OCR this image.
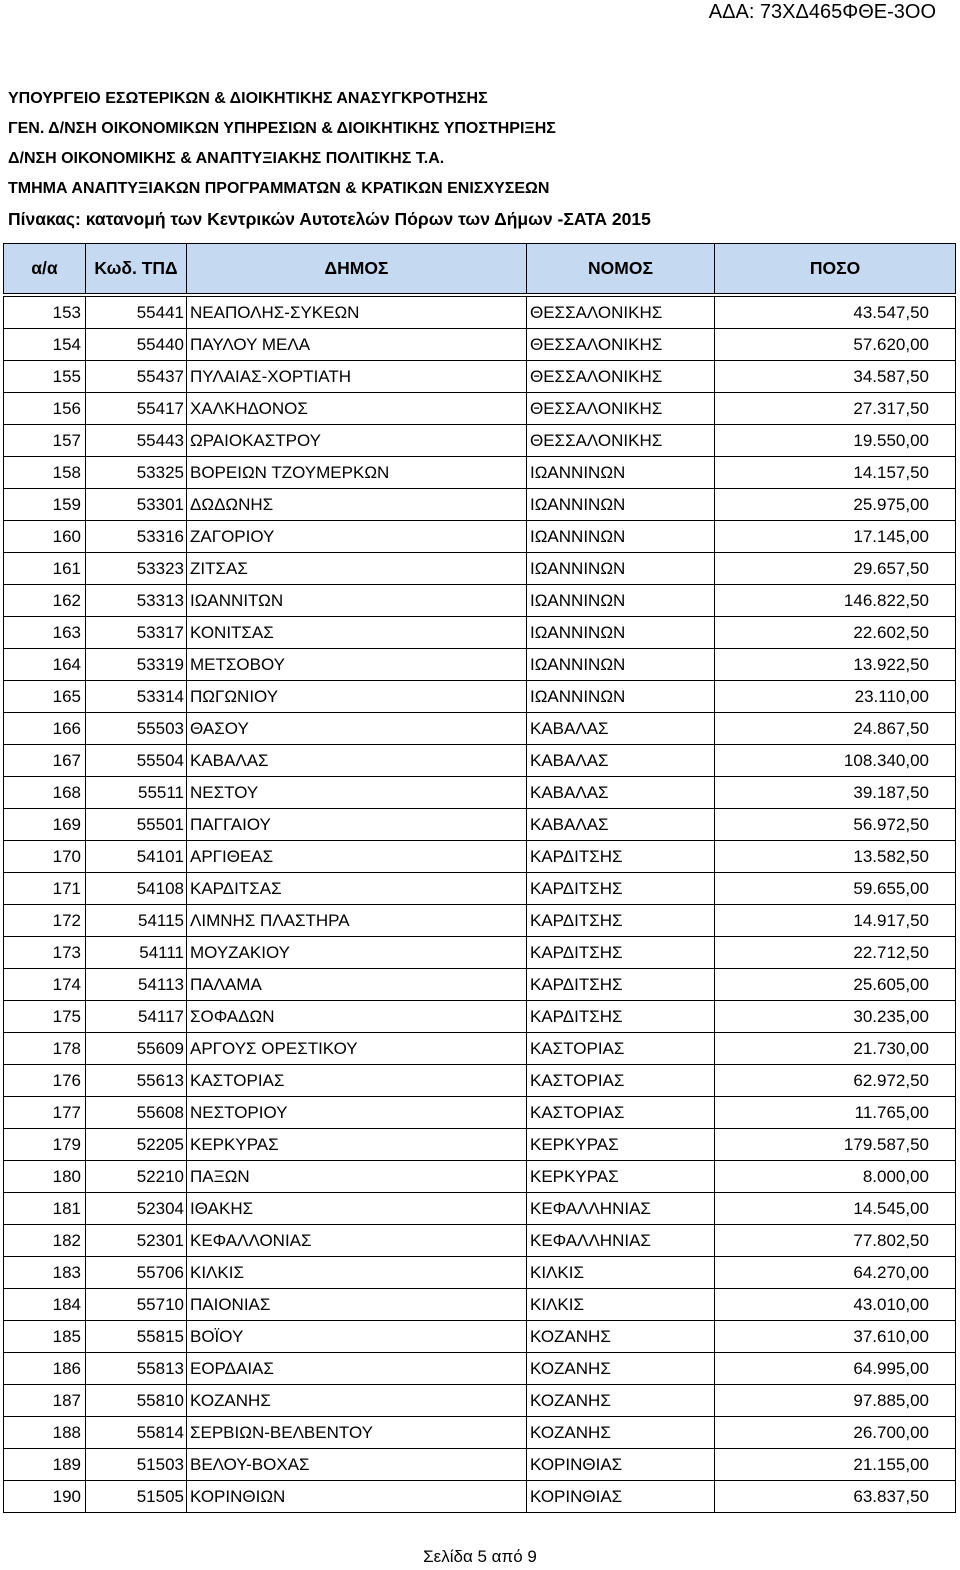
ΑΔΑ: 73ΧΔ465ΦΘΕ-3ΟΟ
ΥΠΟΥΡΓΕΙΟ ΕΣΩΤΕΡΙΚΩΝ & ΔΙΟΙΚΗΤΙΚΗΣ ΑΝΑΣΥΓΚΡΟΤΗΣΗΣ
ΓΕΝ. Δ/ΝΣΗ ΟΙΚΟΝΟΜΙΚΩΝ ΥΠΗΡΕΣΙΩΝ & ΔΙΟΙΚΗΤΙΚΗΣ ΥΠΟΣΤΗΡΙΞΗΣ
Δ/ΝΣΗ ΟΙΚΟΝΟΜΙΚΗΣ & ΑΝΑΠΤΥΞΙΑΚΗΣ ΠΟΛΙΤΙΚΗΣ Τ.Α.
ΤΜΗΜΑ ΑΝΑΠΤΥΞΙΑΚΩΝ ΠΡΟΓΡΑΜΜΑΤΩΝ & ΚΡΑΤΙΚΩΝ ΕΝΙΣΧΥΣΕΩΝ
Πίνακας: κατανομή των Κεντρικών Αυτοτελών Πόρων των Δήμων -ΣΑΤΑ 2015
α/α	Κωδ. ΤΠΔ	ΔΗΜΟΣ	ΝΟΜΟΣ	ΠΟΣΟ

153	55441	ΝΕΑΠΟΛΗΣ-ΣΥΚΕΩΝ	ΘΕΣΣΑΛΟΝΙΚΗΣ	43.547,50
154	55440	ΠΑΥΛΟΥ ΜΕΛΑ	ΘΕΣΣΑΛΟΝΙΚΗΣ	57.620,00
155	55437	ΠΥΛΑΙΑΣ-ΧΟΡΤΙΑΤΗ	ΘΕΣΣΑΛΟΝΙΚΗΣ	34.587,50
156	55417	ΧΑΛΚΗΔΟΝΟΣ	ΘΕΣΣΑΛΟΝΙΚΗΣ	27.317,50
157	55443	ΩΡΑΙΟΚΑΣΤΡΟΥ	ΘΕΣΣΑΛΟΝΙΚΗΣ	19.550,00
158	53325	ΒΟΡΕΙΩΝ ΤΖΟΥΜΕΡΚΩΝ	ΙΩΑΝΝΙΝΩΝ	14.157,50
159	53301	ΔΩΔΩΝΗΣ	ΙΩΑΝΝΙΝΩΝ	25.975,00
160	53316	ΖΑΓΟΡΙΟΥ	ΙΩΑΝΝΙΝΩΝ	17.145,00
161	53323	ΖΙΤΣΑΣ	ΙΩΑΝΝΙΝΩΝ	29.657,50
162	53313	ΙΩΑΝΝΙΤΩΝ	ΙΩΑΝΝΙΝΩΝ	146.822,50
163	53317	ΚΟΝΙΤΣΑΣ	ΙΩΑΝΝΙΝΩΝ	22.602,50
164	53319	ΜΕΤΣΟΒΟΥ	ΙΩΑΝΝΙΝΩΝ	13.922,50
165	53314	ΠΩΓΩΝΙΟΥ	ΙΩΑΝΝΙΝΩΝ	23.110,00
166	55503	ΘΑΣΟΥ	ΚΑΒΑΛΑΣ	24.867,50
167	55504	ΚΑΒΑΛΑΣ	ΚΑΒΑΛΑΣ	108.340,00
168	55511	ΝΕΣΤΟΥ	ΚΑΒΑΛΑΣ	39.187,50
169	55501	ΠΑΓΓΑΙΟΥ	ΚΑΒΑΛΑΣ	56.972,50
170	54101	ΑΡΓΙΘΕΑΣ	ΚΑΡΔΙΤΣΗΣ	13.582,50
171	54108	ΚΑΡΔΙΤΣΑΣ	ΚΑΡΔΙΤΣΗΣ	59.655,00
172	54115	ΛΙΜΝΗΣ ΠΛΑΣΤΗΡΑ	ΚΑΡΔΙΤΣΗΣ	14.917,50
173	54111	ΜΟΥΖΑΚΙΟΥ	ΚΑΡΔΙΤΣΗΣ	22.712,50
174	54113	ΠΑΛΑΜΑ	ΚΑΡΔΙΤΣΗΣ	25.605,00
175	54117	ΣΟΦΑΔΩΝ	ΚΑΡΔΙΤΣΗΣ	30.235,00
178	55609	ΑΡΓΟΥΣ ΟΡΕΣΤΙΚΟΥ	ΚΑΣΤΟΡΙΑΣ	21.730,00
176	55613	ΚΑΣΤΟΡΙΑΣ	ΚΑΣΤΟΡΙΑΣ	62.972,50
177	55608	ΝΕΣΤΟΡΙΟΥ	ΚΑΣΤΟΡΙΑΣ	11.765,00
179	52205	ΚΕΡΚΥΡΑΣ	ΚΕΡΚΥΡΑΣ	179.587,50
180	52210	ΠΑΞΩΝ	ΚΕΡΚΥΡΑΣ	8.000,00
181	52304	ΙΘΑΚΗΣ	ΚΕΦΑΛΛΗΝΙΑΣ	14.545,00
182	52301	ΚΕΦΑΛΛΟΝΙΑΣ	ΚΕΦΑΛΛΗΝΙΑΣ	77.802,50
183	55706	ΚΙΛΚΙΣ	ΚΙΛΚΙΣ	64.270,00
184	55710	ΠΑΙΟΝΙΑΣ	ΚΙΛΚΙΣ	43.010,00
185	55815	ΒΟΪΟΥ	ΚΟΖΑΝΗΣ	37.610,00
186	55813	ΕΟΡΔΑΙΑΣ	ΚΟΖΑΝΗΣ	64.995,00
187	55810	ΚΟΖΑΝΗΣ	ΚΟΖΑΝΗΣ	97.885,00
188	55814	ΣΕΡΒΙΩΝ-ΒΕΛΒΕΝΤΟΥ	ΚΟΖΑΝΗΣ	26.700,00
189	51503	ΒΕΛΟΥ-ΒΟΧΑΣ	ΚΟΡΙΝΘΙΑΣ	21.155,00
190	51505	ΚΟΡΙΝΘΙΩΝ	ΚΟΡΙΝΘΙΑΣ	63.837,50
Σελίδα 5 από 9
